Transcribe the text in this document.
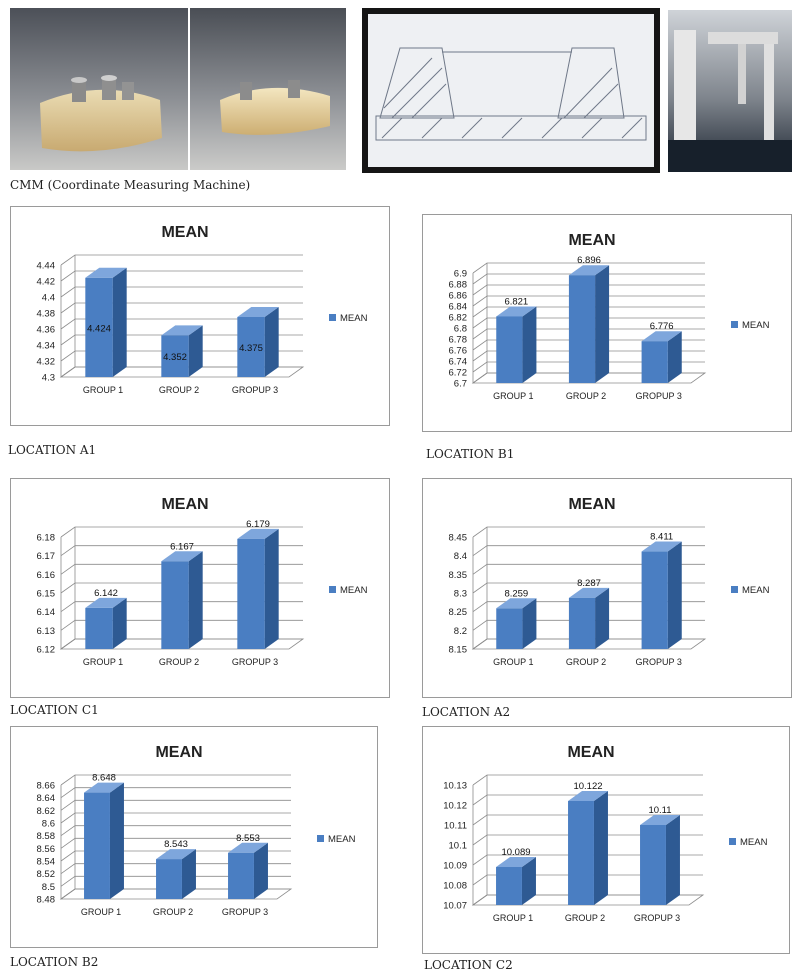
CMM (Coordinate Measuring Machine)
MEAN
4.3
4.32
4.34
4.36
4.38
4.4
4.42
4.44
4.424
GROUP 1
4.352
GROUP 2
4.375
GROPUP 3
MEAN
LOCATION A1
MEAN
6.7
6.72
6.74
6.76
6.78
6.8
6.82
6.84
6.86
6.88
6.9
6.821
GROUP 1
6.896
GROUP 2
6.776
GROPUP 3
MEAN
LOCATION B1
MEAN
6.12
6.13
6.14
6.15
6.16
6.17
6.18
6.142
GROUP 1
6.167
GROUP 2
6.179
GROPUP 3
MEAN
LOCATION C1
MEAN
8.15
8.2
8.25
8.3
8.35
8.4
8.45
8.259
GROUP 1
8.287
GROUP 2
8.411
GROPUP 3
MEAN
LOCATION A2
MEAN
8.48
8.5
8.52
8.54
8.56
8.58
8.6
8.62
8.64
8.66
8.648
GROUP 1
8.543
GROUP 2
8.553
GROPUP 3
MEAN
LOCATION B2
MEAN
10.07
10.08
10.09
10.1
10.11
10.12
10.13
10.089
GROUP 1
10.122
GROUP 2
10.11
GROPUP 3
MEAN
LOCATION C2
